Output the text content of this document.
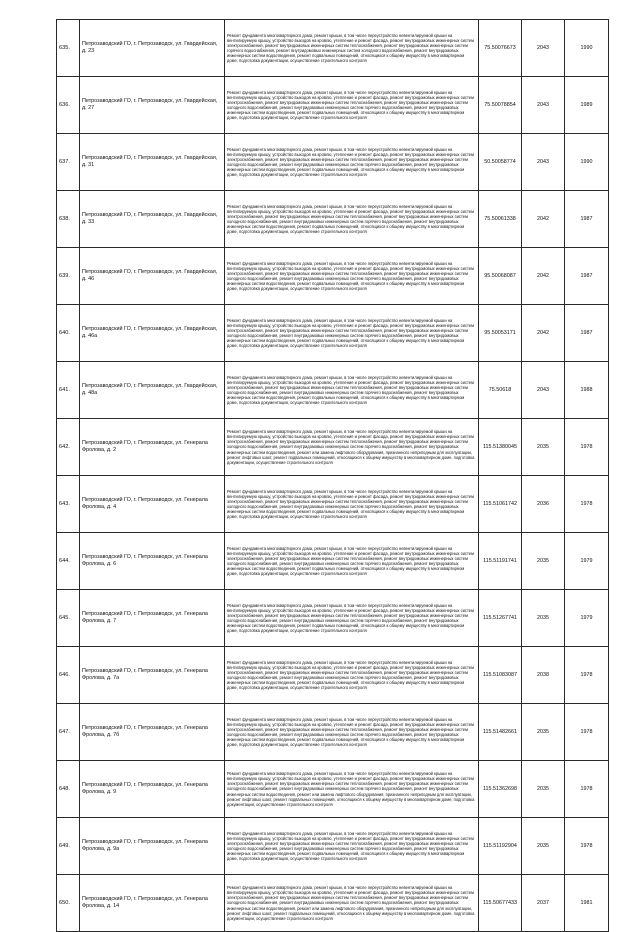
635.	Петрозаводский ГО, г. Петрозаводск, ул. Гвардейская, д. 23	Ремонт фундамента многоквартирного дома, ремонт крыши, в том числе переустройство невентилируемой крыши на вентилируемую крышу, устройство выходов на кровлю, утепление и ремонт фасада, ремонт внутридомовых инженерных систем электроснабжения, ремонт внутридомовых инженерных систем теплоснабжения, ремонт внутридомовых инженерных систем горячего водоснабжения, ремонт внутридомовых инженерных систем холодного водоснабжения, ремонт внутридомовых инженерных систем водоотведения, ремонт подвальных помещений, относящихся к общему имуществу в многоквартирном доме, подготовка документации, осуществление строительного контроля	75.50076673	2043	1990
636.	Петрозаводский ГО, г. Петрозаводск, ул. Гвардейская, д. 27	Ремонт фундамента многоквартирного дома, ремонт крыши, в том числе переустройство невентилируемой крыши на вентилируемую крышу, устройство выходов на кровлю, утепление и ремонт фасада, ремонт внутридомовых инженерных систем электроснабжения, ремонт внутридомовых инженерных систем теплоснабжения, ремонт внутридомовых инженерных систем холодного водоснабжения, ремонт внутридомовых инженерных систем горячего водоснабжения, ремонт внутридомовых инженерных систем водоотведения, ремонт подвальных помещений, относящихся к общему имуществу в многоквартирном доме, подготовка документации, осуществление строительного контроля	75.50078854	2043	1989
637.	Петрозаводский ГО, г. Петрозаводск, ул. Гвардейская, д. 31	Ремонт фундамента многоквартирного дома, ремонт крыши, в том числе переустройство невентилируемой крыши на вентилируемую крышу, устройство выходов на кровлю, утепление и ремонт фасада, ремонт внутридомовых инженерных систем электроснабжения, ремонт внутридомовых инженерных систем теплоснабжения, ремонт внутридомовых инженерных систем холодного водоснабжения, ремонт внутридомовых инженерных систем горячего водоснабжения, ремонт внутридомовых инженерных систем водоотведения, ремонт подвальных помещений, относящихся к общему имуществу в многоквартирном доме, подготовка документации, осуществление строительного контроля	50.50058774	2043	1990
638.	Петрозаводский ГО, г. Петрозаводск, ул. Гвардейская, д. 33	Ремонт фундамента многоквартирного дома, ремонт крыши, в том числе переустройство невентилируемой крыши на вентилируемую крышу, устройство выходов на кровлю, утепление и ремонт фасада, ремонт внутридомовых инженерных систем электроснабжения, ремонт внутридомовых инженерных систем теплоснабжения, ремонт внутридомовых инженерных систем холодного водоснабжения, ремонт внутридомовых инженерных систем горячего водоснабжения, ремонт внутридомовых инженерных систем водоотведения, ремонт подвальных помещений, относящихся к общему имуществу в многоквартирном доме, подготовка документации, осуществление строительного контроля	75.50061338	2042	1987
639.	Петрозаводский ГО, г. Петрозаводск, ул. Гвардейская, д. 46	Ремонт фундамента многоквартирного дома, ремонт крыши, в том числе переустройство невентилируемой крыши на вентилируемую крышу, устройство выходов на кровлю, утепление и ремонт фасада, ремонт внутридомовых инженерных систем электроснабжения, ремонт внутридомовых инженерных систем теплоснабжения, ремонт внутридомовых инженерных систем холодного водоснабжения, ремонт внутридомовых инженерных систем горячего водоснабжения, ремонт внутридомовых инженерных систем водоотведения, ремонт подвальных помещений, относящихся к общему имуществу в многоквартирном доме, подготовка документации, осуществление строительного контроля	95.50068087	2042	1987
640.	Петрозаводский ГО, г. Петрозаводск, ул. Гвардейская, д. 46а	Ремонт фундамента многоквартирного дома, ремонт крыши, в том числе переустройство невентилируемой крыши на вентилируемую крышу, устройство выходов на кровлю, утепление и ремонт фасада, ремонт внутридомовых инженерных систем электроснабжения, ремонт внутридомовых инженерных систем теплоснабжения, ремонт внутридомовых инженерных систем холодного водоснабжения, ремонт внутридомовых инженерных систем горячего водоснабжения, ремонт внутридомовых инженерных систем водоотведения, ремонт подвальных помещений, относящихся к общему имуществу в многоквартирном доме, подготовка документации, осуществление строительного контроля	95.50053171	2042	1987
641.	Петрозаводский ГО, г. Петрозаводск, ул. Гвардейская, д. 48а	Ремонт фундамента многоквартирного дома, ремонт крыши, в том числе переустройство невентилируемой крыши на вентилируемую крышу, устройство выходов на кровлю, утепление и ремонт фасада, ремонт внутридомовых инженерных систем электроснабжения, ремонт внутридомовых инженерных систем теплоснабжения, ремонт внутридомовых инженерных систем холодного водоснабжения, ремонт внутридомовых инженерных систем горячего водоснабжения, ремонт внутридомовых инженерных систем водоотведения, ремонт подвальных помещений, относящихся к общему имуществу в многоквартирном доме, подготовка документации, осуществление строительного контроля	75.50618	2043	1988
642.	Петрозаводский ГО, г. Петрозаводск, ул. Генерала Фролова, д. 2	Ремонт фундамента многоквартирного дома, ремонт крыши, в том числе переустройство невентилируемой крыши на вентилируемую крышу, устройство выходов на кровлю, утепление и ремонт фасада, ремонт внутридомовых инженерных систем электроснабжения, ремонт внутридомовых инженерных систем теплоснабжения, ремонт внутридомовых инженерных систем холодного водоснабжения, ремонт внутридомовых инженерных систем горячего водоснабжения, ремонт внутридомовых инженерных систем водоотведения, ремонт или замена лифтового оборудования, признанного непригодным для эксплуатации, ремонт лифтовых шахт, ремонт подвальных помещений, относящихся к общему имуществу в многоквартирном доме, подготовка документации, осуществление строительного контроля	115.51380045	2035	1978
643.	Петрозаводский ГО, г. Петрозаводск, ул. Генерала Фролова, д. 4	Ремонт фундамента многоквартирного дома, ремонт крыши, в том числе переустройство невентилируемой крыши на вентилируемую крышу, устройство выходов на кровлю, утепление и ремонт фасада, ремонт внутридомовых инженерных систем электроснабжения, ремонт внутридомовых инженерных систем теплоснабжения, ремонт внутридомовых инженерных систем холодного водоснабжения, ремонт внутридомовых инженерных систем горячего водоснабжения, ремонт внутридомовых инженерных систем водоотведения, ремонт подвальных помещений, относящихся к общему имуществу в многоквартирном доме, подготовка документации, осуществление строительного контроля	115.51061742	2036	1978
644.	Петрозаводский ГО, г. Петрозаводск, ул. Генерала Фролова, д. 6	Ремонт фундамента многоквартирного дома, ремонт крыши, в том числе переустройство невентилируемой крыши на вентилируемую крышу, устройство выходов на кровлю, утепление и ремонт фасада, ремонт внутридомовых инженерных систем электроснабжения, ремонт внутридомовых инженерных систем теплоснабжения, ремонт внутридомовых инженерных систем холодного водоснабжения, ремонт внутридомовых инженерных систем горячего водоснабжения, ремонт внутридомовых инженерных систем водоотведения, ремонт подвальных помещений, относящихся к общему имуществу в многоквартирном доме, подготовка документации, осуществление строительного контроля	115.51191741	2035	1979
645.	Петрозаводский ГО, г. Петрозаводск, ул. Генерала Фролова, д. 7	Ремонт фундамента многоквартирного дома, ремонт крыши, в том числе переустройство невентилируемой крыши на вентилируемую крышу, устройство выходов на кровлю, утепление и ремонт фасада, ремонт внутридомовых инженерных систем электроснабжения, ремонт внутридомовых инженерных систем теплоснабжения, ремонт внутридомовых инженерных систем холодного водоснабжения, ремонт внутридомовых инженерных систем горячего водоснабжения, ремонт внутридомовых инженерных систем водоотведения, ремонт подвальных помещений, относящихся к общему имуществу в многоквартирном доме, подготовка документации, осуществление строительного контроля	115.51267741	2035	1979
646.	Петрозаводский ГО, г. Петрозаводск, ул. Генерала Фролова, д. 7а	Ремонт фундамента многоквартирного дома, ремонт крыши, в том числе переустройство невентилируемой крыши на вентилируемую крышу, устройство выходов на кровлю, утепление и ремонт фасада, ремонт внутридомовых инженерных систем электроснабжения, ремонт внутридомовых инженерных систем теплоснабжения, ремонт внутридомовых инженерных систем холодного водоснабжения, ремонт внутридомовых инженерных систем горячего водоснабжения, ремонт внутридомовых инженерных систем водоотведения, ремонт подвальных помещений, относящихся к общему имуществу в многоквартирном доме, подготовка документации, осуществление строительного контроля	115.51083087	2038	1978
647.	Петрозаводский ГО, г. Петрозаводск, ул. Генерала Фролова, д. 7б	Ремонт фундамента многоквартирного дома, ремонт крыши, в том числе переустройство невентилируемой крыши на вентилируемую крышу, устройство выходов на кровлю, утепление и ремонт фасада, ремонт внутридомовых инженерных систем электроснабжения, ремонт внутридомовых инженерных систем теплоснабжения, ремонт внутридомовых инженерных систем холодного водоснабжения, ремонт внутридомовых инженерных систем горячего водоснабжения, ремонт внутридомовых инженерных систем водоотведения, ремонт подвальных помещений, относящихся к общему имуществу в многоквартирном доме, подготовка документации, осуществление строительного контроля	115.51482661	2035	1978
648.	Петрозаводский ГО, г. Петрозаводск, ул. Генерала Фролова, д. 9	Ремонт фундамента многоквартирного дома, ремонт крыши, в том числе переустройство невентилируемой крыши на вентилируемую крышу, устройство выходов на кровлю, утепление и ремонт фасада, ремонт внутридомовых инженерных систем электроснабжения, ремонт внутридомовых инженерных систем теплоснабжения, ремонт внутридомовых инженерных систем холодного водоснабжения, ремонт внутридомовых инженерных систем горячего водоснабжения, ремонт внутридомовых инженерных систем водоотведения, ремонт или замена лифтового оборудования, признанного непригодным для эксплуатации, ремонт лифтовых шахт, ремонт подвальных помещений, относящихся к общему имуществу в многоквартирном доме, подготовка документации, осуществление строительного контроля	115.51362698	2035	1978
649.	Петрозаводский ГО, г. Петрозаводск, ул. Генерала Фролова, д. 9а	Ремонт фундамента многоквартирного дома, ремонт крыши, в том числе переустройство невентилируемой крыши на вентилируемую крышу, устройство выходов на кровлю, утепление и ремонт фасада, ремонт внутридомовых инженерных систем электроснабжения, ремонт внутридомовых инженерных систем теплоснабжения, ремонт внутридомовых инженерных систем холодного водоснабжения, ремонт внутридомовых инженерных систем горячего водоснабжения, ремонт внутридомовых инженерных систем водоотведения, ремонт подвальных помещений, относящихся к общему имуществу в многоквартирном доме, подготовка документации, осуществление строительного контроля	115.51192904	2035	1978
650.	Петрозаводский ГО, г. Петрозаводск, ул. Генерала Фролова, д. 14	Ремонт фундамента многоквартирного дома, ремонт крыши, в том числе переустройство невентилируемой крыши на вентилируемую крышу, устройство выходов на кровлю, утепление и ремонт фасада, ремонт внутридомовых инженерных систем электроснабжения, ремонт внутридомовых инженерных систем теплоснабжения, ремонт внутридомовых инженерных систем холодного водоснабжения, ремонт внутридомовых инженерных систем горячего водоснабжения, ремонт внутридомовых инженерных систем водоотведения, ремонт или замена лифтового оборудования, признанного непригодным для эксплуатации, ремонт лифтовых шахт, ремонт подвальных помещений, относящихся к общему имуществу в многоквартирном доме, подготовка документации, осуществление строительного контроля	115.50677433	2037	1981
